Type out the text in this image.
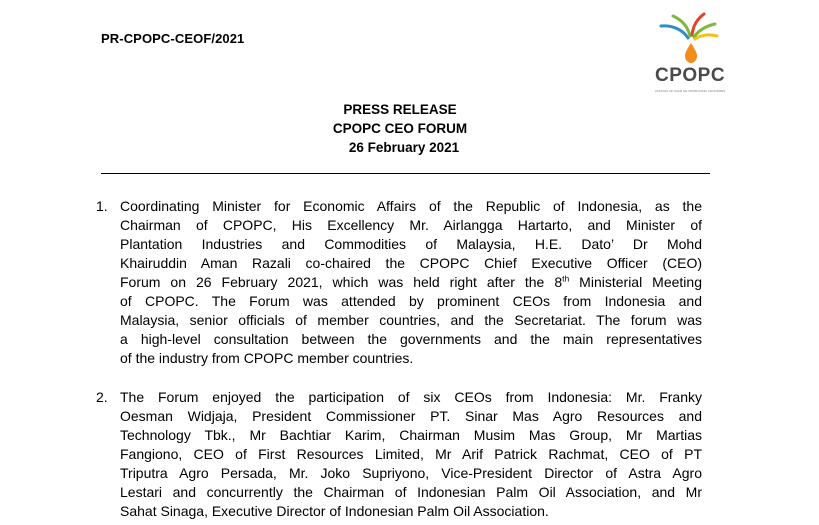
PR-CPOPC-CEOF/2021
CPOPC
COUNCIL OF PALM OIL PRODUCING COUNTRIES
PRESS RELEASE
CPOPC CEO FORUM
26 February 2021
1. Coordinating Minister for Economic Affairs of the Republic of Indonesia, as the
Chairman of CPOPC, His Excellency Mr. Airlangga Hartarto, and Minister of
Plantation Industries and Commodities of Malaysia, H.E. Dato’ Dr Mohd
Khairuddin Aman Razali co-chaired the CPOPC Chief Executive Officer (CEO)
Forum on 26 February 2021, which was held right after the 8th Ministerial Meeting
of CPOPC. The Forum was attended by prominent CEOs from Indonesia and
Malaysia, senior officials of member countries, and the Secretariat. The forum was
a high-level consultation between the governments and the main representatives
of the industry from CPOPC member countries.
2. The Forum enjoyed the participation of six CEOs from Indonesia: Mr. Franky
Oesman Widjaja, President Commissioner PT. Sinar Mas Agro Resources and
Technology Tbk., Mr Bachtiar Karim, Chairman Musim Mas Group, Mr Martias
Fangiono, CEO of First Resources Limited, Mr Arif Patrick Rachmat, CEO of PT
Triputra Agro Persada, Mr. Joko Supriyono, Vice-President Director of Astra Agro
Lestari and concurrently the Chairman of Indonesian Palm Oil Association, and Mr
Sahat Sinaga, Executive Director of Indonesian Palm Oil Association.
